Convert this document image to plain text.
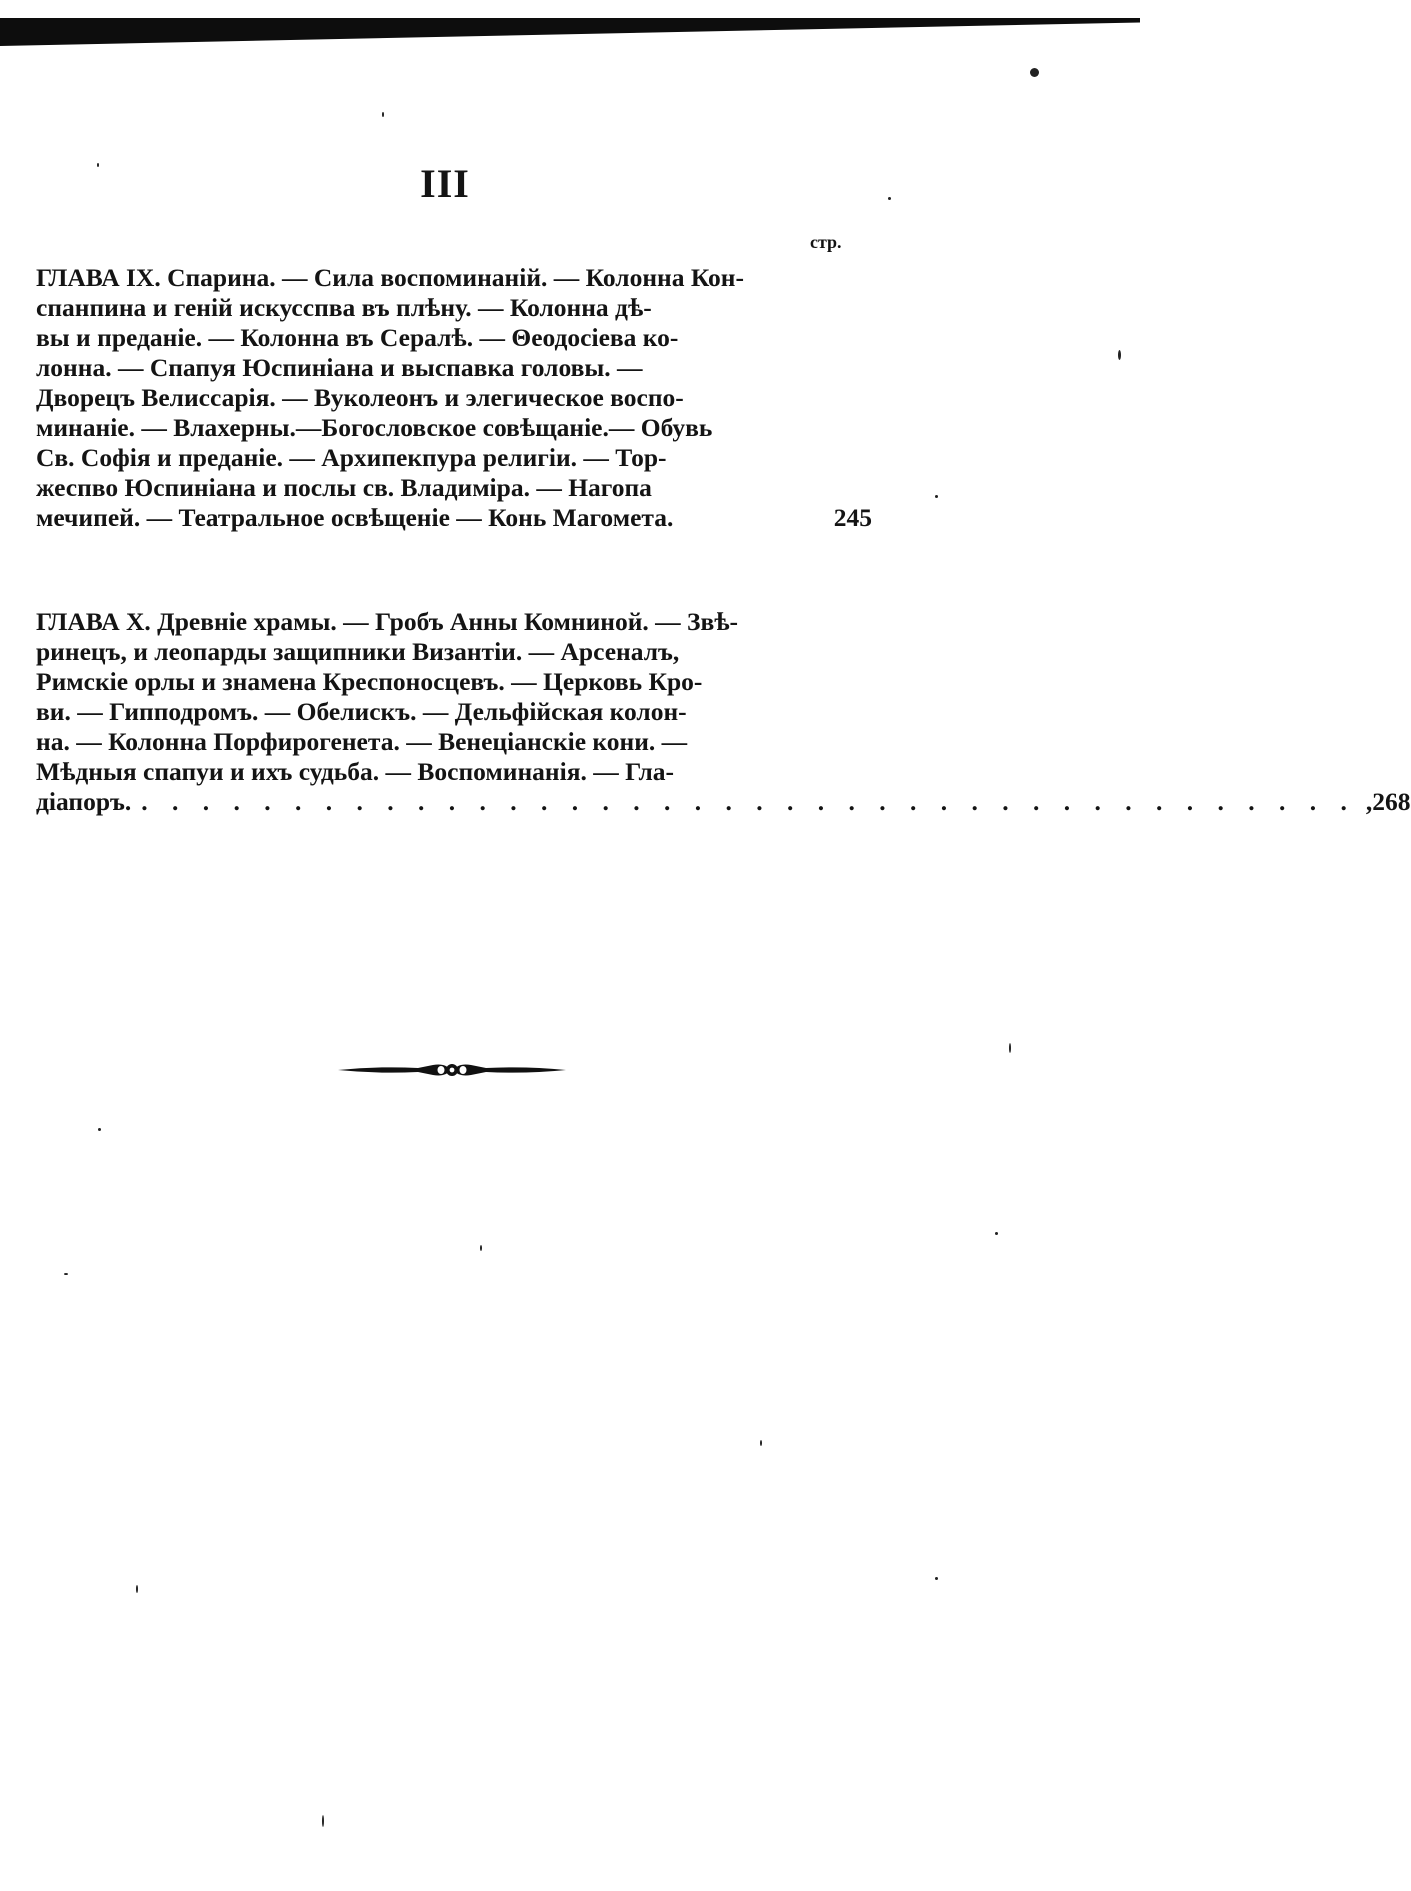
III
стр.
ГЛАВА IX. Спарина. — Сила воспоминаній. — Колонна Кон-
спанпина и геній искусспва въ плѣну. — Колонна дѣ-
вы и преданіе. — Колонна въ Сералѣ. — Θеодосіева ко-
лонна. — Спапуя Юспиніана и выспавка головы. —
Дворецъ Велиссарія. — Вуколеонъ и элегическое воспо-
минаніе. — Влахерны.—Богословское совѣщаніе.— Обувь
Св. Софія и преданіе. — Архипекпура религіи. — Тор-
жеспво Юспиніана и послы св. Владиміра. — Нагопа
мечипей. — Театральное освѣщеніе — Конь Магомета.	245
ГЛАВА X.
Древніе храмы. — Гробъ Анны Комниной. — Звѣ-
ринецъ, и леопарды защипники Византіи. — Арсеналъ,
Римскіе орлы и знамена Креспоносцевъ. — Церковь Кро-
ви. — Гипподромъ. — Обелискъ. — Дельфійская колон-
на. — Колонна Порфирогенета. — Венеціанскіе кони. —
Мѣдныя спапуи и ихъ судьба. — Воспоминанія. — Гла-
діапоръ. . . . . . . . . . . . . . . . . . . . . . . . . . . . . . . . . . . . . . . . . ,268
